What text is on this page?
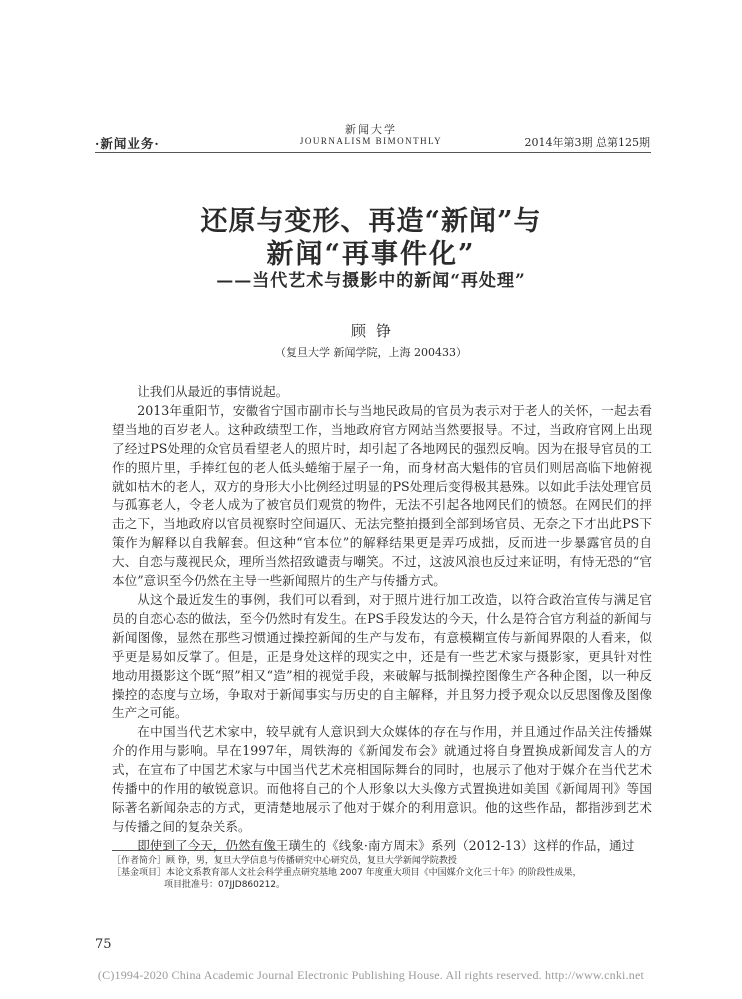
·新闻业务·
新闻大学
JOURNALISM BIMONTHLY	2014年第3期 总第125期
还原与变形、再造“新闻”与
新闻“再事件化”
——当代艺术与摄影中的新闻“再处理”
顾铮
（复旦大学 新闻学院，上海 200433）

让我们从最近的事情说起。

2013年重阳节，安徽省宁国市副市长与当地民政局的官员为表示对于老人的关怀，一起去看望当地的百岁老人。这种政绩型工作，当地政府官方网站当然要报导。不过，当政府官网上出现了经过PS处理的众官员看望老人的照片时，却引起了各地网民的强烈反响。因为在报导官员的工作的照片里，手捧红包的老人低头蜷缩于屋子一角，而身材高大魁伟的官员们则居高临下地俯视就如枯木的老人，双方的身形大小比例经过明显的PS处理后变得极其悬殊。以如此手法处理官员与孤寡老人，令老人成为了被官员们观赏的物件，无法不引起各地网民们的愤怒。在网民们的抨击之下，当地政府以官员视察时空间逼仄、无法完整拍摄到全部到场官员、无奈之下才出此PS下策作为解释以自我解套。但这种“官本位”的解释结果更是弄巧成拙，反而进一步暴露官员的自大、自恋与蔑视民众，理所当然招致谴责与嘲笑。不过，这波风浪也反过来证明，有恃无恐的“官本位”意识至今仍然在主导一些新闻照片的生产与传播方式。

从这个最近发生的事例，我们可以看到，对于照片进行加工改造，以符合政治宣传与满足官员的自恋心态的做法，至今仍然时有发生。在PS手段发达的今天，什么是符合官方利益的新闻与新闻图像，显然在那些习惯通过操控新闻的生产与发布，有意模糊宣传与新闻界限的人看来，似乎更是易如反掌了。但是，正是身处这样的现实之中，还是有一些艺术家与摄影家，更具针对性地动用摄影这个既“照”相又“造”相的视觉手段，来破解与抵制操控图像生产各种企图，以一种反操控的态度与立场，争取对于新闻事实与历史的自主解释，并且努力授予观众以反思图像及图像生产之可能。

在中国当代艺术家中，较早就有人意识到大众媒体的存在与作用，并且通过作品关注传播媒介的作用与影响。早在1997年，周铁海的《新闻发布会》就通过将自身置换成新闻发言人的方式，在宣布了中国艺术家与中国当代艺术亮相国际舞台的同时，也展示了他对于媒介在当代艺术传播中的作用的敏锐意识。而他将自己的个人形象以大头像方式置换进如美国《新闻周刊》等国际著名新闻杂志的方式，更清楚地展示了他对于媒介的利用意识。他的这些作品，都指涉到艺术与传播之间的复杂关系。

即使到了今天，仍然有像王璜生的《线象·南方周末》系列（2012-13）这样的作品，通过

［作者简介］顾 铮，男，复旦大学信息与传播研究中心研究员，复旦大学新闻学院教授

［基金项目］本论文系教育部人文社会科学重点研究基地 2007 年度重大项目《中国媒介文化三十年》的阶段性成果，

项目批准号：07JJD860212。

75
(C)1994-2020 China Academic Journal Electronic Publishing House. All rights reserved. http://www.cnki.net
